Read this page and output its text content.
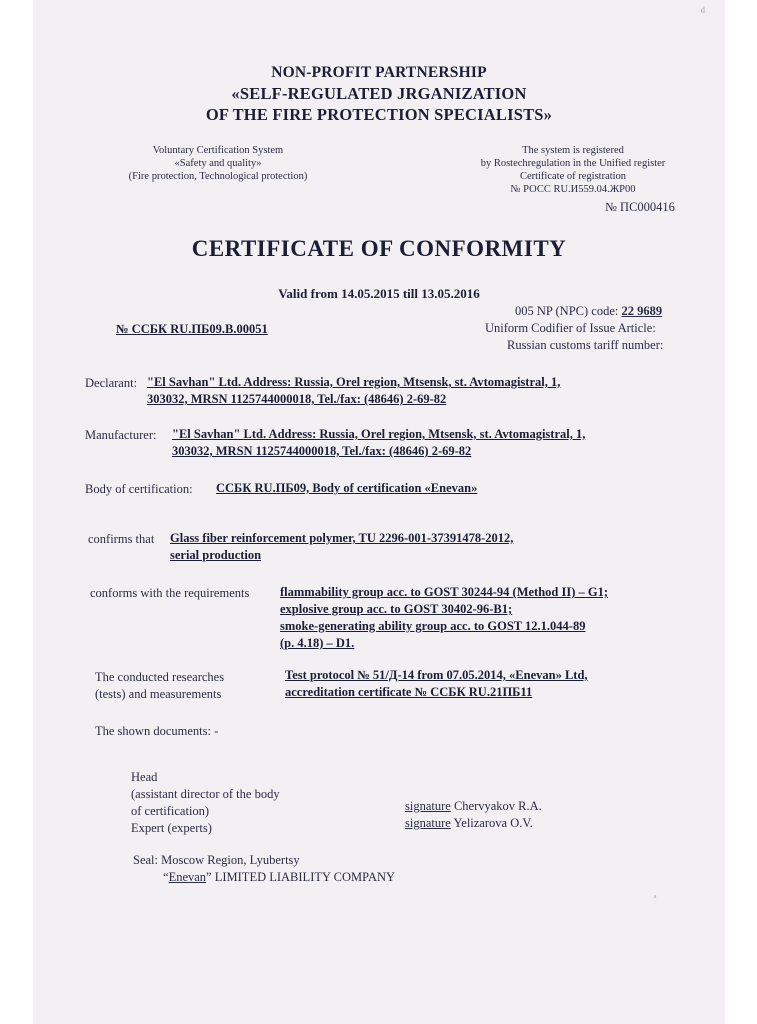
ᵈ
NON-PROFIT PARTNERSHIP
«SELF-REGULATED JRGANIZATION
OF THE FIRE PROTECTION SPECIALISTS»
Voluntary Certification System
«Safety and quality»
(Fire protection, Technological protection)
The system is registered
by Rostechregulation in the Unified register
Certificate of registration
№ РОСС RU.И559.04.ЖР00
№ ПС000416
CERTIFICATE OF CONFORMITY
Valid from 14.05.2015 till 13.05.2016
005 NP (NPC) code: 22 9689
Uniform Codifier of Issue Article:
Russian customs tariff number:
№ ССБК RU.ПБ09.В.00051
Declarant: "El Savhan" Ltd. Address: Russia, Orel region, Mtsensk, st. Avtomagistral, 1,
303032, MRSN 1125744000018, Tel./fax: (48646) 2-69-82
Manufacturer: "El Savhan" Ltd. Address: Russia, Orel region, Mtsensk, st. Avtomagistral, 1,
303032, MRSN 1125744000018, Tel./fax: (48646) 2-69-82
Body of certification: ССБК RU.ПБ09, Body of certification «Enevan»
confirms that Glass fiber reinforcement polymer, TU 2296-001-37391478-2012,
serial production
conforms with the requirements flammability group acc. to GOST 30244-94 (Method II) – G1;
explosive group acc. to GOST 30402-96-B1;
smoke-generating ability group acc. to GOST 12.1.044-89
(p. 4.18) – D1.
The conducted researches
(tests) and measurements
Test protocol № 51/Д-14 from 07.05.2014, «Enevan» Ltd,
accreditation certificate № ССБК RU.21ПБ11
The shown documents: -
Head
(assistant director of the body
of certification)
Expert (experts)
signature Chervyakov R.A.
signature Yelizarova O.V.
Seal: Moscow Region, Lyubertsy
“Enevan” LIMITED LIABILITY COMPANY
ˢ
